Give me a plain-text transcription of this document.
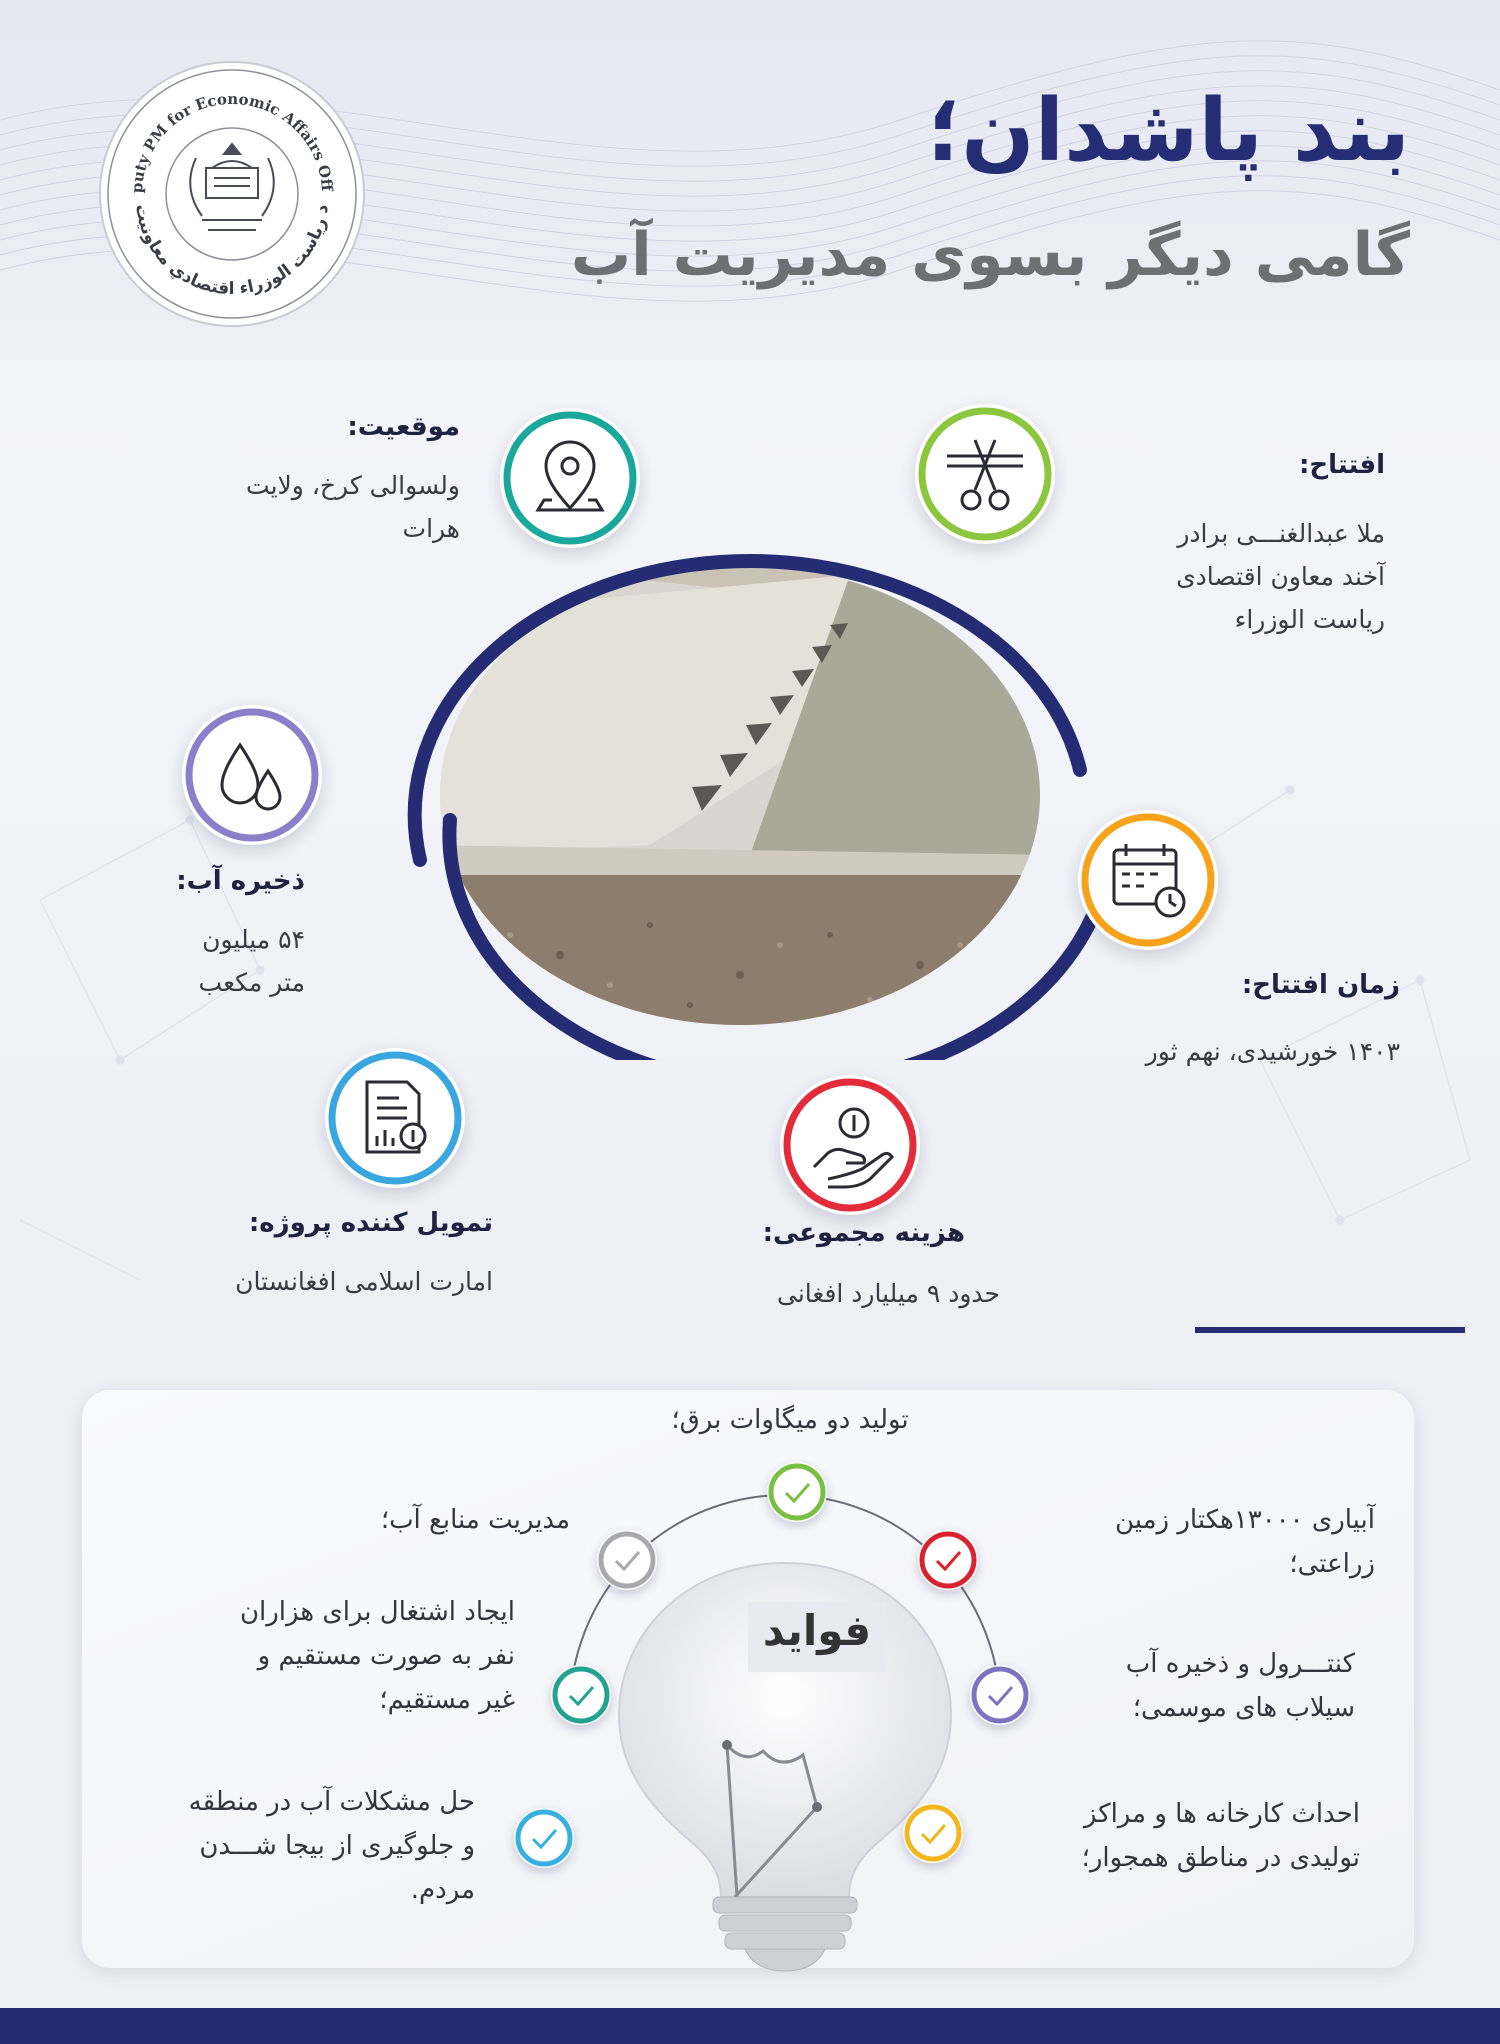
بند پاشدان؛
گامی دیگر بسوی مدیریت آب
puty PM for Economic Affairs Office
د رياست الوزراء اقتصادي معاونيت
موقعیت:
ولسوالی کرخ، ولایت
هرات
افتتاح:
ملا عبدالغنـــی برادر
آخند معاون اقتصادی
ریاست الوزراء
ذخیره آب:
۵۴ میلیون
متر مکعب	زمان افتتاح:
۱۴۰۳ خورشیدی، نهم ثور
تمویل کننده پروژه:
امارت اسلامی افغانستان
هزینه مجموعی:
حدود ۹ میلیارد افغانی
فواید
تولید دو میگاوات برق؛
آبیاری ۱۳۰۰۰هکتار زمین
زراعتی؛
کنتـــرول و ذخیره آب
سیلاب های موسمی؛
احداث کارخانه ها و مراکز
تولیدی در مناطق همجوار؛
مدیریت منابع آب؛
ایجاد اشتغال برای هزاران
نفر به صورت مستقیم و
غیر مستقیم؛
حل مشکلات آب در منطقه
و جلوگیری از بیجا شـــدن
مردم.
